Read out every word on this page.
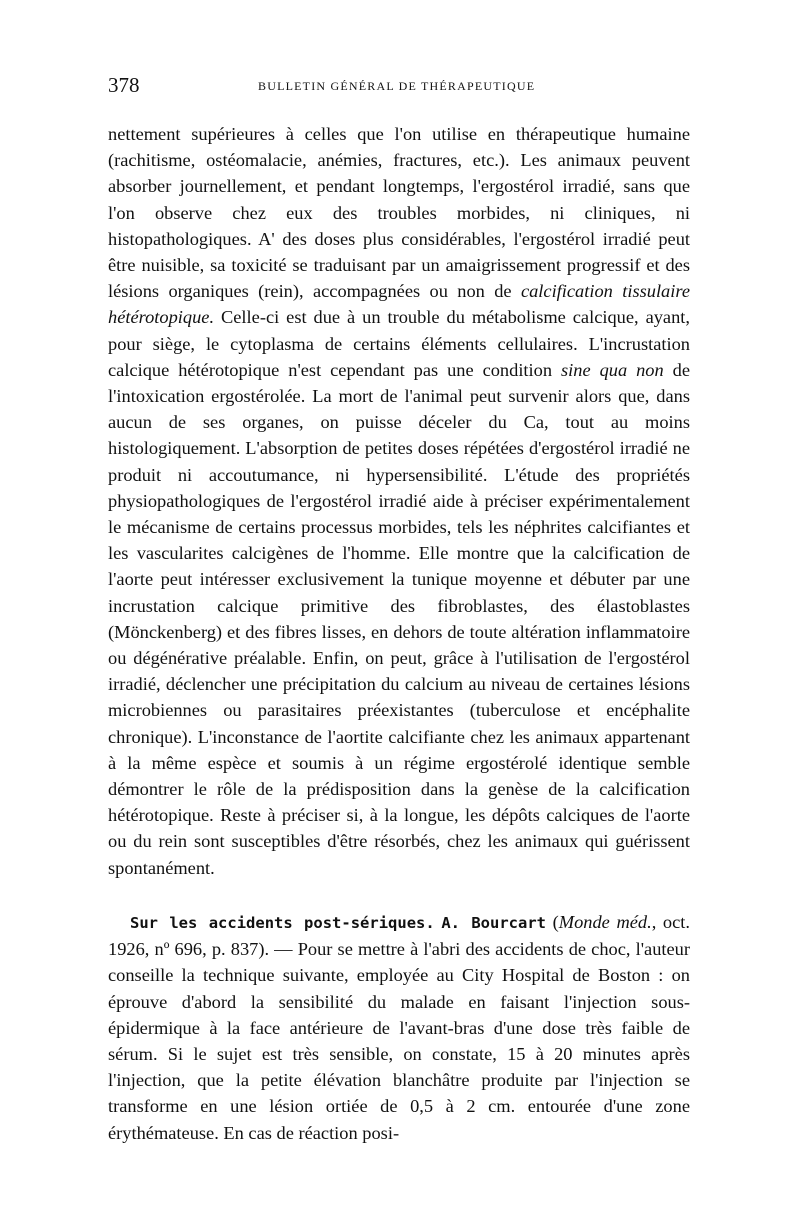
378	BULLETIN GÉNÉRAL DE THÉRAPEUTIQUE

nettement supérieures à celles que l'on utilise en thérapeutique humaine (rachitisme, ostéomalacie, anémies, fractures, etc.). Les animaux peuvent absorber journellement, et pendant longtemps, l'ergostérol irradié, sans que l'on observe chez eux des troubles morbides, ni cliniques, ni histopathologiques. A' des doses plus considérables, l'ergostérol irradié peut être nuisible, sa toxicité se traduisant par un amaigrissement progressif et des lésions organiques (rein), accompagnées ou non de calcification tissulaire hétérotopique. Celle-ci est due à un trouble du métabolisme calcique, ayant, pour siège, le cytoplasma de certains éléments cellulaires. L'incrustation calcique hétérotopique n'est cependant pas une condition sine qua non de l'intoxication ergostérolée. La mort de l'animal peut survenir alors que, dans aucun de ses organes, on puisse déceler du Ca, tout au moins histologiquement. L'absorption de petites doses répétées d'ergostérol irradié ne produit ni accoutumance, ni hypersensibilité. L'étude des propriétés physiopathologiques de l'ergostérol irradié aide à préciser expérimentalement le mécanisme de certains processus morbides, tels les néphrites calcifiantes et les vascularites calcigènes de l'homme. Elle montre que la calcification de l'aorte peut intéresser exclusivement la tunique moyenne et débuter par une incrustation calcique primitive des fibroblastes, des élastoblastes (Mönckenberg) et des fibres lisses, en dehors de toute altération inflammatoire ou dégénérative préalable. Enfin, on peut, grâce à l'utilisation de l'ergostérol irradié, déclencher une précipitation du calcium au niveau de certaines lésions microbiennes ou parasitaires préexistantes (tuberculose et encéphalite chronique). L'inconstance de l'aortite calcifiante chez les animaux appartenant à la même espèce et soumis à un régime ergostérolé identique semble démontrer le rôle de la prédisposition dans la genèse de la calcification hétérotopique. Reste à préciser si, à la longue, les dépôts calciques de l'aorte ou du rein sont susceptibles d'être résorbés, chez les animaux qui guérissent spontanément.

Sur les accidents post-sériques. A. Bourcart (Monde méd., oct. 1926, nº 696, p. 837). — Pour se mettre à l'abri des accidents de choc, l'auteur conseille la technique suivante, employée au City Hospital de Boston : on éprouve d'abord la sensibilité du malade en faisant l'injection sous-épidermique à la face antérieure de l'avant-bras d'une dose très faible de sérum. Si le sujet est très sensible, on constate, 15 à 20 minutes après l'injection, que la petite élévation blanchâtre produite par l'injection se transforme en une lésion ortiée de 0,5 à 2 cm. entourée d'une zone érythémateuse. En cas de réaction posi-
